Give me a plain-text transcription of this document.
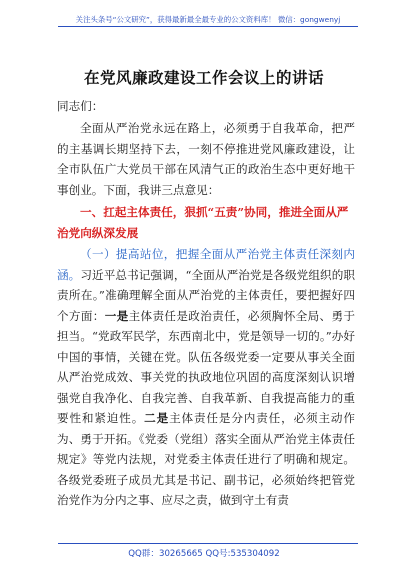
关注头条号“公文研究”，获得最新最全最专业的公文资料库！ 微信：gongwenyj
在党风廉政建设工作会议上的讲话
同志们：
全面从严治党永远在路上，必须勇于自我革命，把严的主基调长期坚持下去，一刻不停推进党风廉政建设，让全市队伍广大党员干部在风清气正的政治生态中更好地干事创业。下面，我讲三点意见：
一、扛起主体责任，狠抓“五责”协同，推进全面从严治党向纵深发展
（一）提高站位，把握全面从严治党主体责任深刻内涵。习近平总书记强调，“全面从严治党是各级党组织的职责所在。”准确理解全面从严治党的主体责任，要把握好四个方面：一是主体责任是政治责任，必须胸怀全局、勇于担当。“党政军民学，东西南北中，党是领导一切的。”办好中国的事情，关键在党。队伍各级党委一定要从事关全面从严治党成效、事关党的执政地位巩固的高度深刻认识增强党自我净化、自我完善、自我革新、自我提高能力的重要性和紧迫性。二是主体责任是分内责任，必须主动作为、勇于开拓。《党委（党组）落实全面从严治党主体责任规定》等党内法规，对党委主体责任进行了明确和规定。各级党委班子成员尤其是书记、副书记，必须始终把管党治党作为分内之事、应尽之责，做到守土有责
QQ群：30265665 QQ号:535304092
